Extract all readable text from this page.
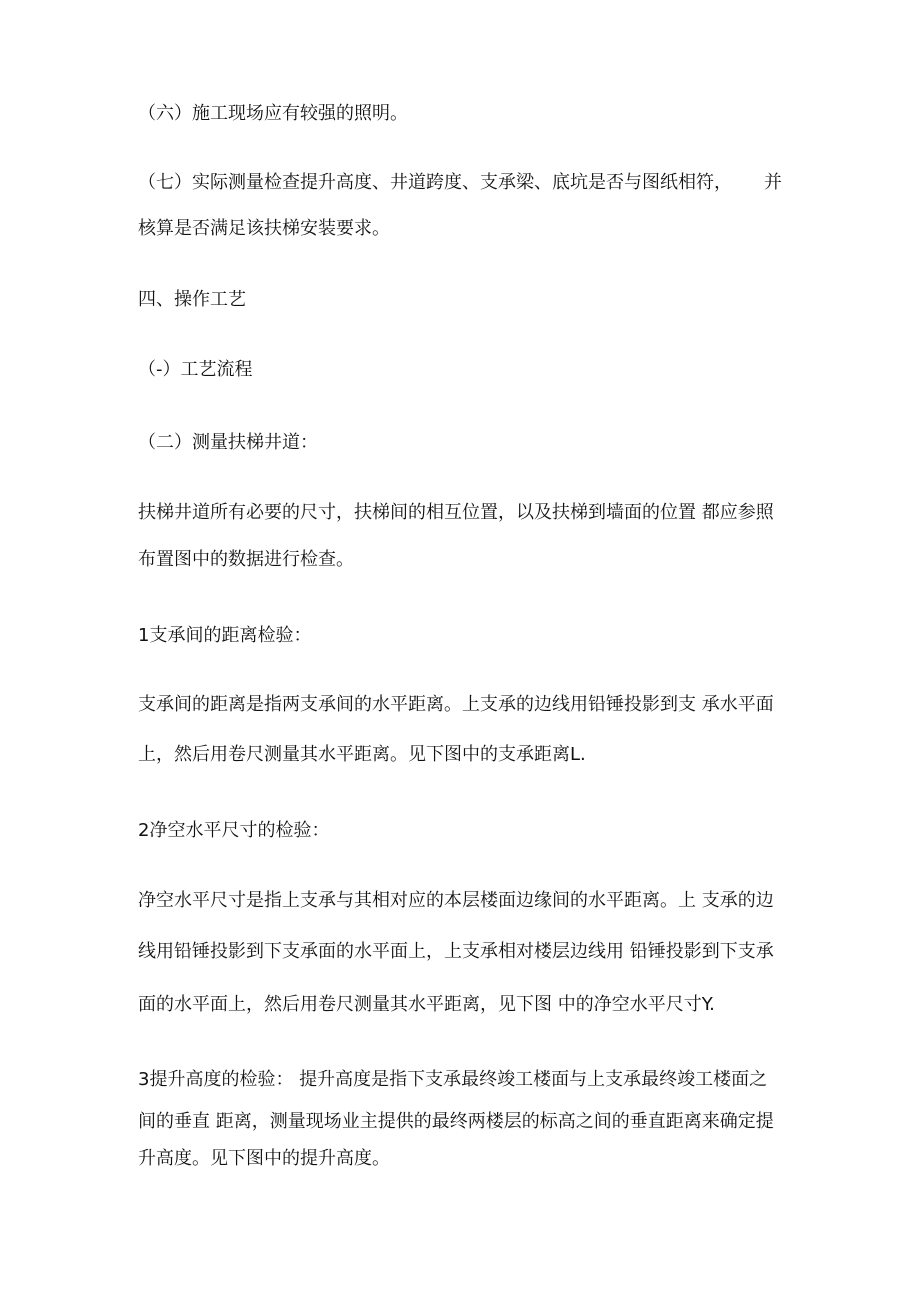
（六）施工现场应有较强的照明。
（七）实际测量检查提升高度、井道跨度、支承梁、底坑是否与图纸相符， 并
核算是否满足该扶梯安装要求。
四、操作工艺
（-）工艺流程
（二）测量扶梯井道：
扶梯井道所有必要的尺寸，扶梯间的相互位置，以及扶梯到墙面的位置 都应参照
布置图中的数据进行检查。
1支承间的距离检验：
支承间的距离是指两支承间的水平距离。上支承的边线用铅锤投影到支 承水平面
上，然后用卷尺测量其水平距离。见下图中的支承距离L.
2净空水平尺寸的检验：
净空水平尺寸是指上支承与其相对应的本层楼面边缘间的水平距离。上 支承的边
线用铅锤投影到下支承面的水平面上，上支承相对楼层边线用 铅锤投影到下支承
面的水平面上，然后用卷尺测量其水平距离，见下图 中的净空水平尺寸Y.
3提升高度的检验： 提升高度是指下支承最终竣工楼面与上支承最终竣工楼面之
间的垂直 距离，测量现场业主提供的最终两楼层的标高之间的垂直距离来确定提
升高度。见下图中的提升高度。
